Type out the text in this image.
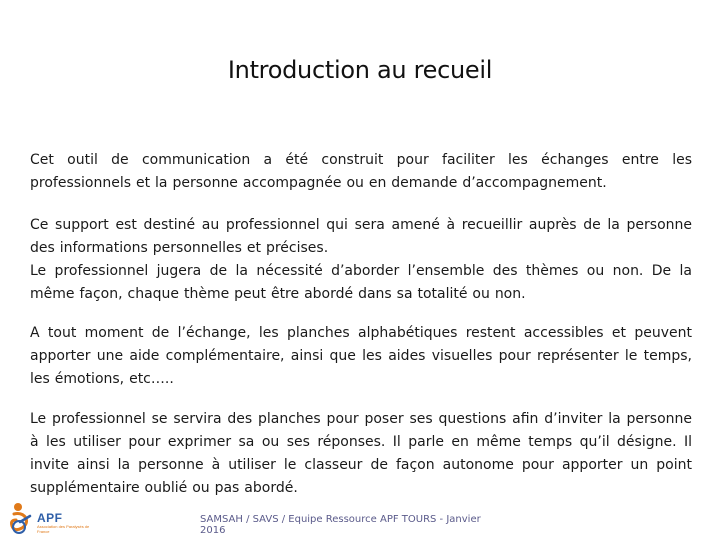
Introduction au recueil
Cet outil de communication a été construit pour faciliter les échanges entre les professionnels et la personne accompagnée ou en demande d’accompagnement.
Ce support est destiné au professionnel qui sera amené à recueillir auprès de la personne des informations personnelles et précises.
Le professionnel jugera de la nécessité d’aborder l’ensemble des thèmes ou non. De la même façon, chaque thème peut être abordé dans sa totalité ou non.
A tout moment de l’échange, les planches alphabétiques restent accessibles et peuvent apporter une aide complémentaire, ainsi que les aides visuelles pour représenter le temps, les émotions, etc…..
Le professionnel se servira des planches pour poser ses questions afin d’inviter la personne à les utiliser pour exprimer sa ou ses réponses. Il parle en même temps qu’il désigne. Il invite ainsi la personne à utiliser le classeur de façon autonome pour apporter un point supplémentaire oublié ou pas abordé.
APF
Association des Paralysés de France
SAMSAH / SAVS / Equipe Ressource APF TOURS - Janvier 2016
